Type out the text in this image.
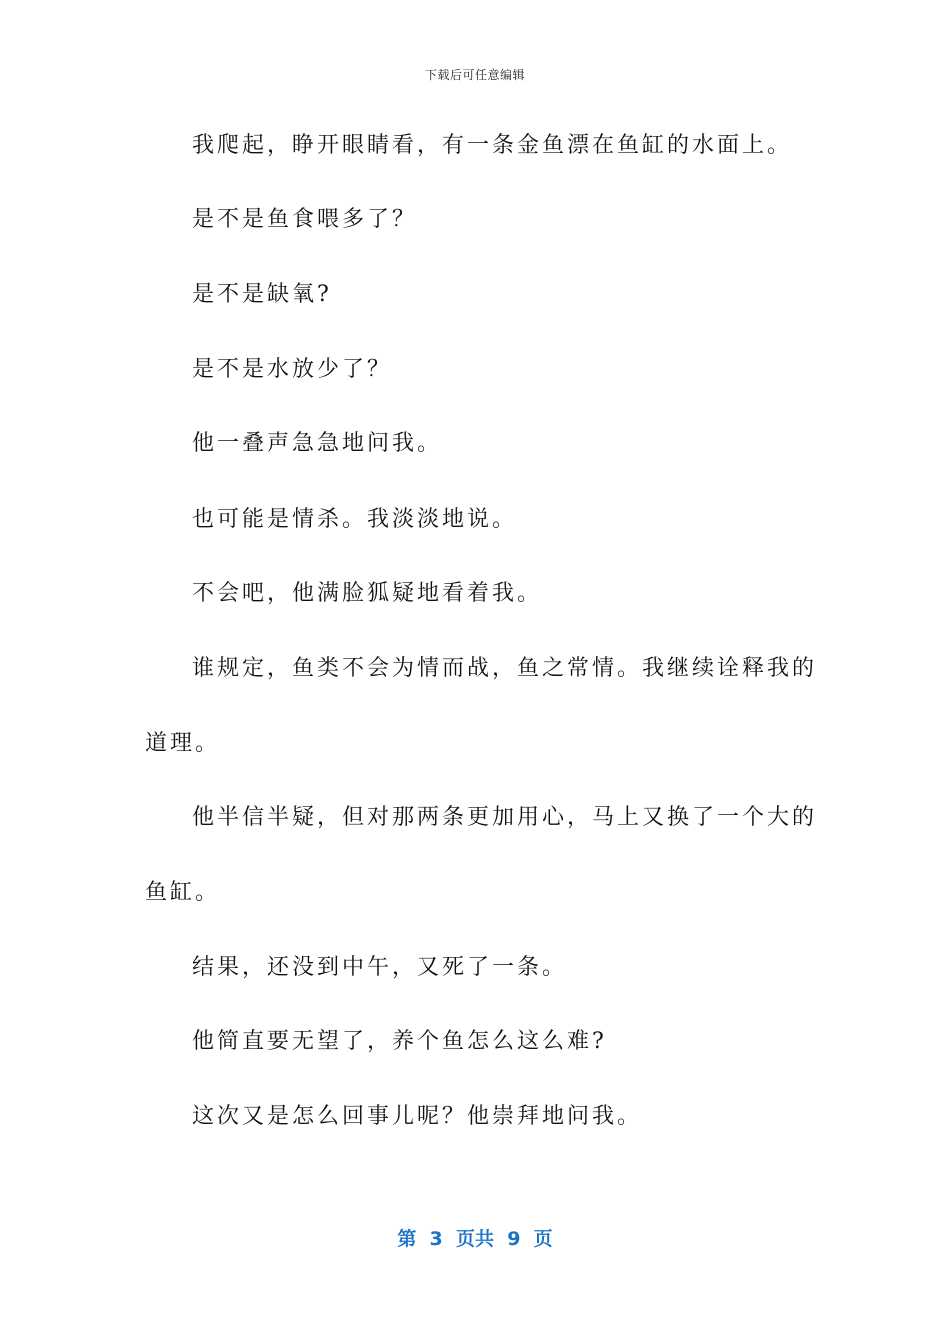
下载后可任意编辑
我爬起，睁开眼睛看，有一条金鱼漂在鱼缸的水面上。
是不是鱼食喂多了？
是不是缺氧?
是不是水放少了？
他一叠声急急地问我。
也可能是情杀。我淡淡地说。
不会吧，他满脸狐疑地看着我。
谁规定，鱼类不会为情而战，鱼之常情。我继续诠释我的
道理。
他半信半疑，但对那两条更加用心，马上又换了一个大的
鱼缸。
结果，还没到中午，又死了一条。
他简直要无望了，养个鱼怎么这么难?
这次又是怎么回事儿呢？他崇拜地问我。
第  3  页共  9  页
